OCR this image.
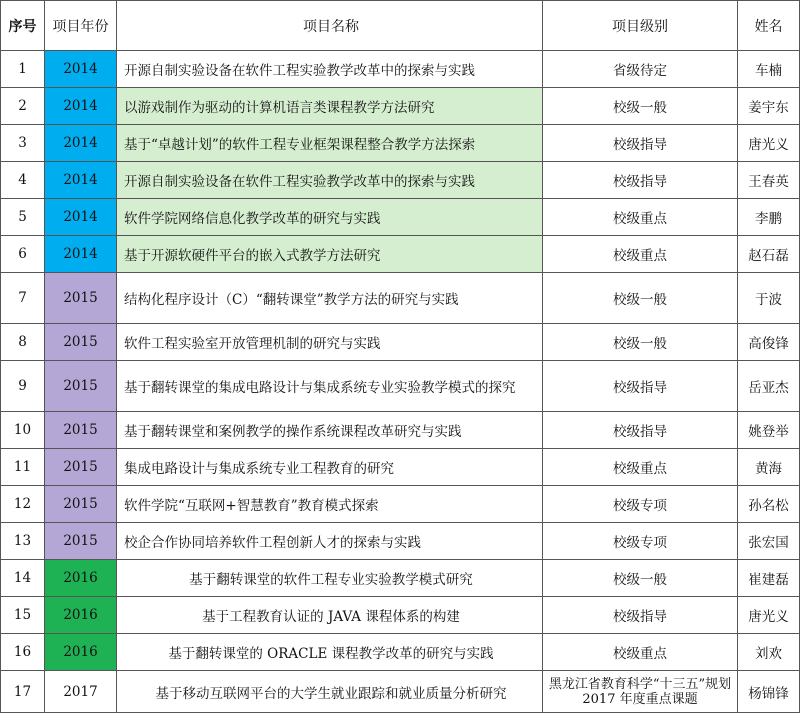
序号	项目年份	项目名称	项目级别	姓名
1	2014	开源自制实验设备在软件工程实验教学改革中的探索与实践	省级待定	车楠
2	2014	以游戏制作为驱动的计算机语言类课程教学方法研究	校级一般	姜宇东
3	2014	基于“卓越计划”的软件工程专业框架课程整合教学方法探索	校级指导	唐光义
4	2014	开源自制实验设备在软件工程实验教学改革中的探索与实践	校级指导	王春英
5	2014	软件学院网络信息化教学改革的研究与实践	校级重点	李鹏
6	2014	基于开源软硬件平台的嵌入式教学方法研究	校级重点	赵石磊
7	2015	结构化程序设计（C）“翻转课堂”教学方法的研究与实践	校级一般	于波
8	2015	软件工程实验室开放管理机制的研究与实践	校级一般	高俊锋
9	2015	基于翻转课堂的集成电路设计与集成系统专业实验教学模式的探究	校级指导	岳亚杰
10	2015	基于翻转课堂和案例教学的操作系统课程改革研究与实践	校级指导	姚登举
11	2015	集成电路设计与集成系统专业工程教育的研究	校级重点	黄海
12	2015	软件学院“互联网+智慧教育”教育模式探索	校级专项	孙名松
13	2015	校企合作协同培养软件工程创新人才的探索与实践	校级专项	张宏国
14	2016	基于翻转课堂的软件工程专业实验教学模式研究	校级一般	崔建磊
15	2016	基于工程教育认证的 JAVA 课程体系的构建	校级指导	唐光义
16	2016	基于翻转课堂的 ORACLE 课程教学改革的研究与实践	校级重点	刘欢
17	2017	基于移动互联网平台的大学生就业跟踪和就业质量分析研究	黑龙江省教育科学“十三五”规划 2017 年度重点课题	杨锦锋
